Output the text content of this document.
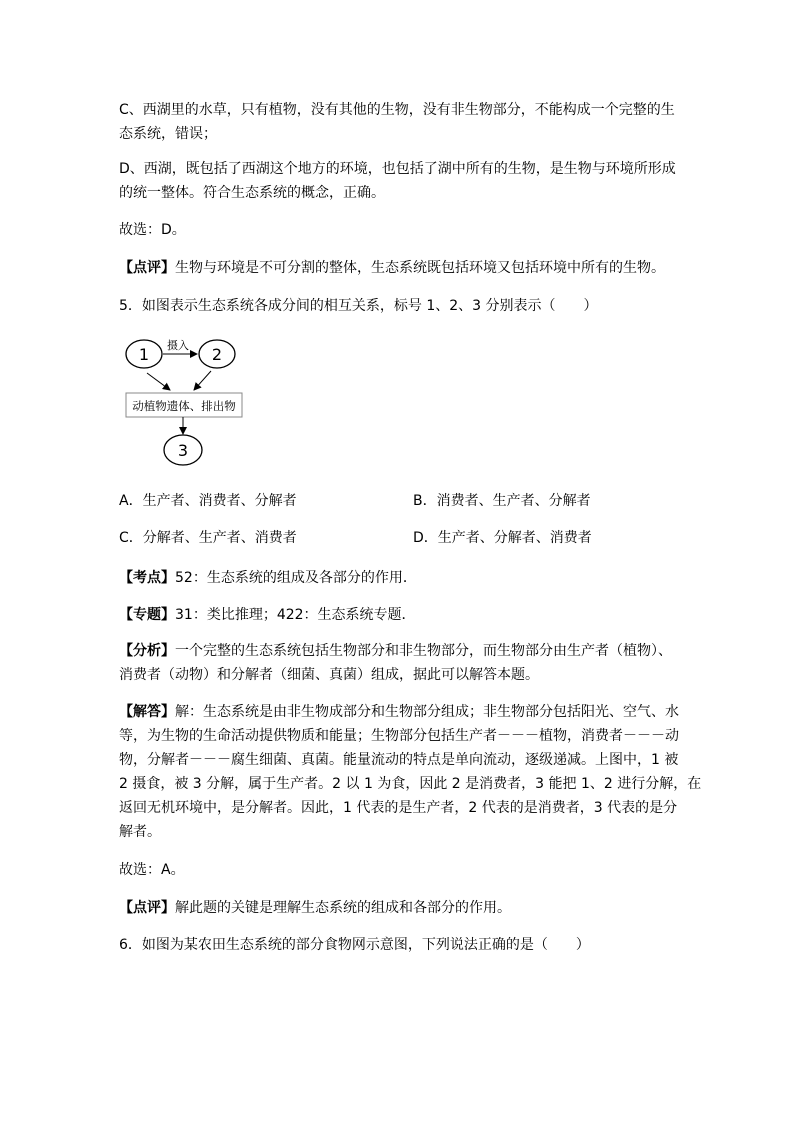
C、西湖里的水草，只有植物，没有其他的生物，没有非生物部分，不能构成一个完整的生
态系统，错误；
D、西湖，既包括了西湖这个地方的环境，也包括了湖中所有的生物，是生物与环境所形成
的统一整体。符合生态系统的概念，正确。
故选：D。
【点评】生物与环境是不可分割的整体，生态系统既包括环境又包括环境中所有的生物。
5．如图表示生态系统各成分间的相互关系，标号 1、2、3 分别表示（　　）
1	2
摄入
动植物遗体、排出物
3
A．生产者、消费者、分解者	B．消费者、生产者、分解者
C．分解者、生产者、消费者	D．生产者、分解者、消费者
【考点】52：生态系统的组成及各部分的作用．
【专题】31：类比推理；422：生态系统专题．
【分析】一个完整的生态系统包括生物部分和非生物部分，而生物部分由生产者（植物）、
消费者（动物）和分解者（细菌、真菌）组成，据此可以解答本题。
【解答】解：生态系统是由非生物成部分和生物部分组成；非生物部分包括阳光、空气、水
等，为生物的生命活动提供物质和能量；生物部分包括生产者－－－植物，消费者－－－动
物，分解者－－－腐生细菌、真菌。能量流动的特点是单向流动，逐级递减。上图中，1 被
2 摄食，被 3 分解，属于生产者。2 以 1 为食，因此 2 是消费者，3 能把 1、2 进行分解，在
返回无机环境中，是分解者。因此，1 代表的是生产者，2 代表的是消费者，3 代表的是分
解者。
故选：A。
【点评】解此题的关键是理解生态系统的组成和各部分的作用。
6．如图为某农田生态系统的部分食物网示意图，下列说法正确的是（　　）
